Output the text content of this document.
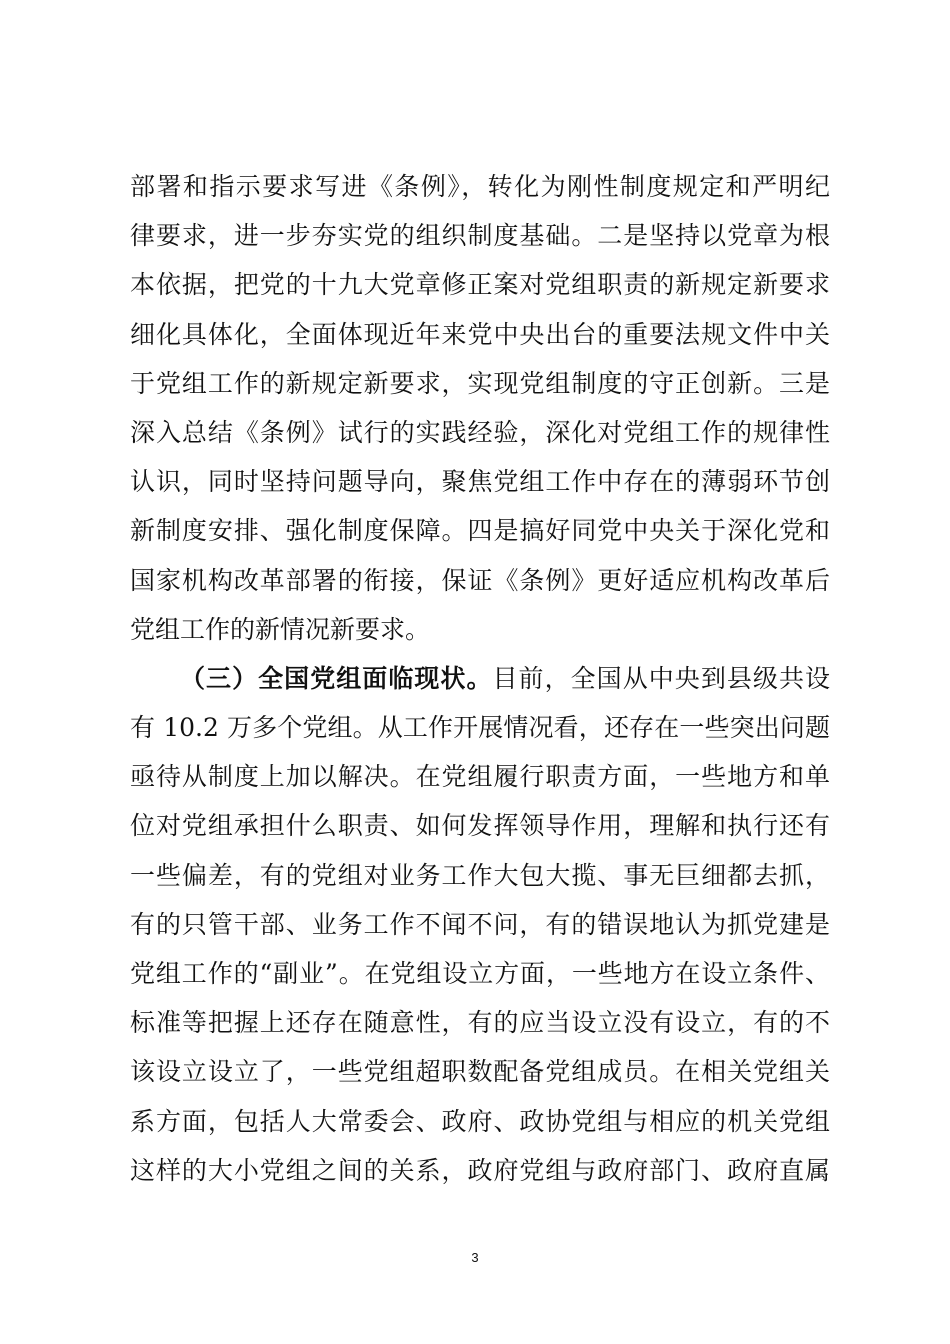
部署和指示要求写进《条例》，转化为刚性制度规定和严明纪
律要求，进一步夯实党的组织制度基础。二是坚持以党章为根
本依据，把党的十九大党章修正案对党组职责的新规定新要求
细化具体化，全面体现近年来党中央出台的重要法规文件中关
于党组工作的新规定新要求，实现党组制度的守正创新。三是
深入总结《条例》试行的实践经验，深化对党组工作的规律性
认识，同时坚持问题导向，聚焦党组工作中存在的薄弱环节创
新制度安排、强化制度保障。四是搞好同党中央关于深化党和
国家机构改革部署的衔接，保证《条例》更好适应机构改革后
党组工作的新情况新要求。
（三）全国党组面临现状。目前，全国从中央到县级共设
有 10.2 万多个党组。从工作开展情况看，还存在一些突出问题
亟待从制度上加以解决。在党组履行职责方面，一些地方和单
位对党组承担什么职责、如何发挥领导作用，理解和执行还有
一些偏差，有的党组对业务工作大包大揽、事无巨细都去抓，
有的只管干部、业务工作不闻不问，有的错误地认为抓党建是
党组工作的“副业”。在党组设立方面，一些地方在设立条件、
标准等把握上还存在随意性，有的应当设立没有设立，有的不
该设立设立了，一些党组超职数配备党组成员。在相关党组关
系方面，包括人大常委会、政府、政协党组与相应的机关党组
这样的大小党组之间的关系，政府党组与政府部门、政府直属
3
